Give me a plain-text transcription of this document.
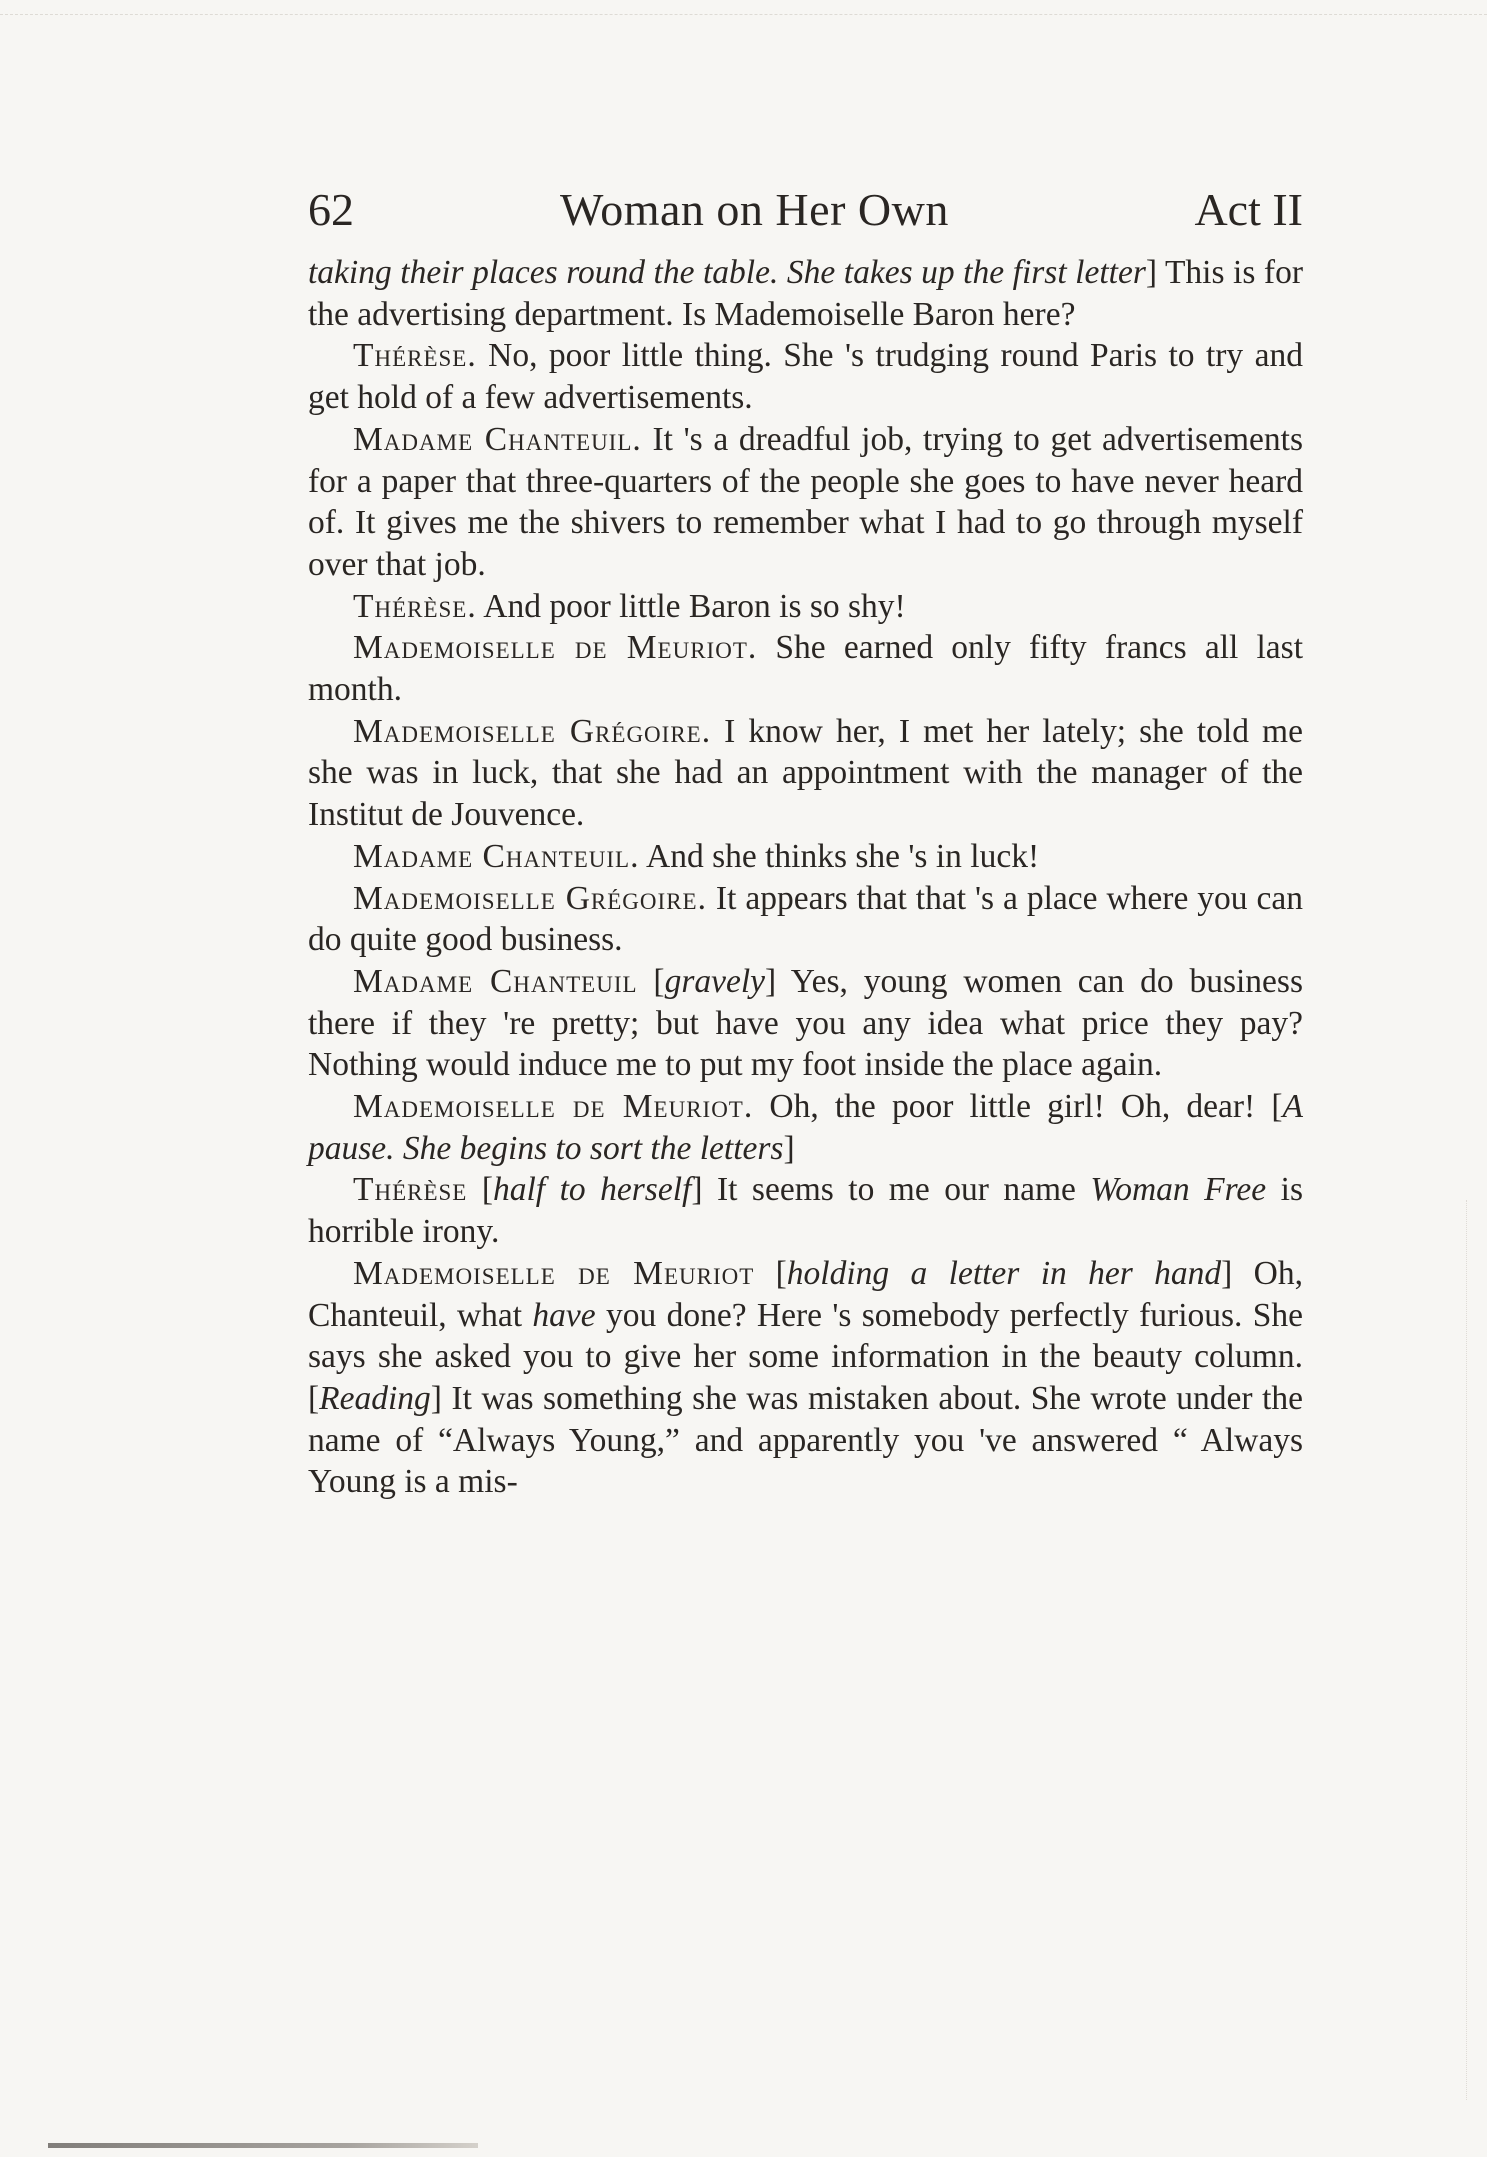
62	Woman on Her Own	Act II

taking their places round the table. She takes up the first letter] This is for the advertising department. Is Mademoiselle Baron here?

Thérèse. No, poor little thing. She 's trudging round Paris to try and get hold of a few advertisements.

Madame Chanteuil. It 's a dreadful job, trying to get advertisements for a paper that three-quarters of the people she goes to have never heard of. It gives me the shivers to remember what I had to go through myself over that job.

Thérèse. And poor little Baron is so shy!

Mademoiselle de Meuriot. She earned only fifty francs all last month.

Mademoiselle Grégoire. I know her, I met her lately; she told me she was in luck, that she had an appointment with the manager of the Institut de Jouvence.

Madame Chanteuil. And she thinks she 's in luck!

Mademoiselle Grégoire. It appears that that 's a place where you can do quite good business.

Madame Chanteuil [gravely] Yes, young women can do business there if they 're pretty; but have you any idea what price they pay? Nothing would induce me to put my foot inside the place again.

Mademoiselle de Meuriot. Oh, the poor little girl! Oh, dear! [A pause. She begins to sort the letters]

Thérèse [half to herself] It seems to me our name Woman Free is horrible irony.

Mademoiselle de Meuriot [holding a letter in her hand] Oh, Chanteuil, what have you done? Here 's somebody perfectly furious. She says she asked you to give her some information in the beauty column. [Reading] It was something she was mistaken about. She wrote under the name of “Always Young,” and apparently you 've answered “ Always Young is a mis-
